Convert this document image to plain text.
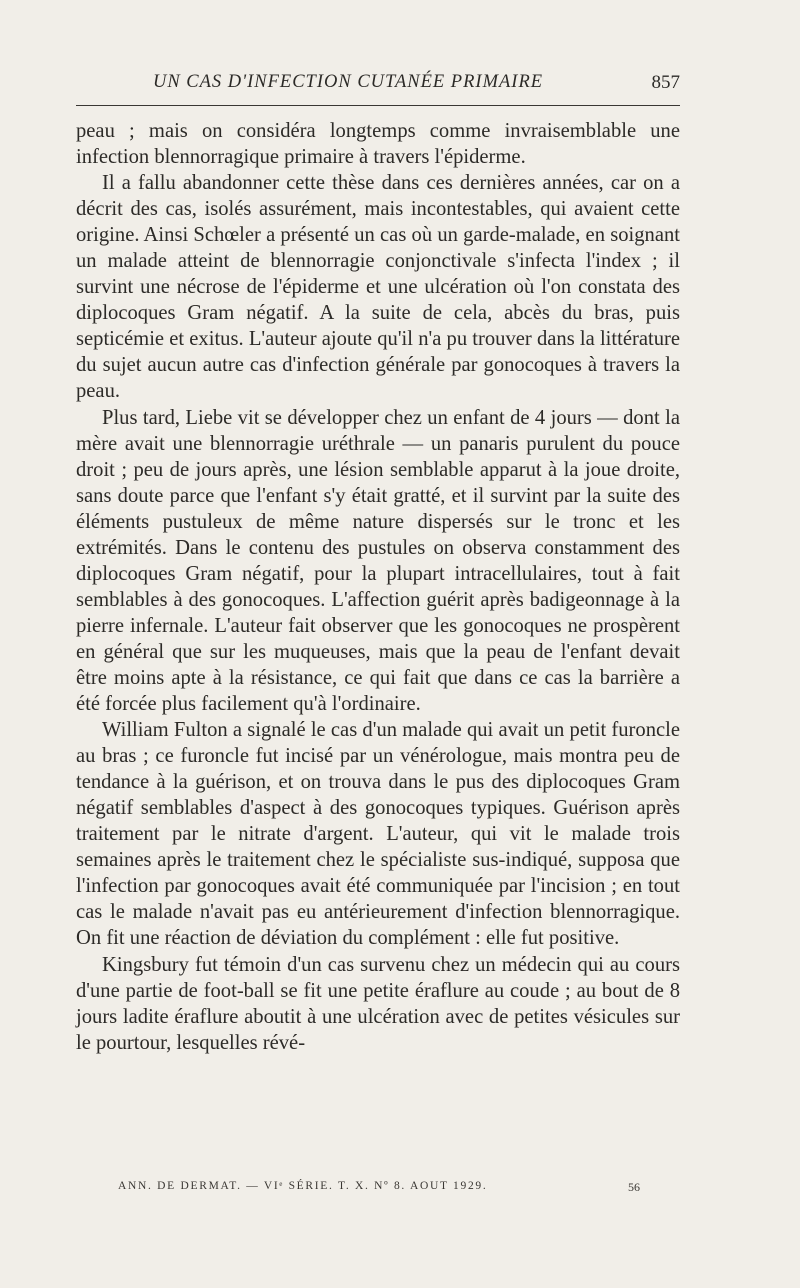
UN CAS D'INFECTION CUTANÉE PRIMAIRE	857

peau ; mais on considéra longtemps comme invraisemblable une infection blennorragique primaire à travers l'épiderme.

Il a fallu abandonner cette thèse dans ces dernières années, car on a décrit des cas, isolés assurément, mais incontestables, qui avaient cette origine. Ainsi Schœler a présenté un cas où un garde-malade, en soignant un malade atteint de blennorragie conjonctivale s'infecta l'index ; il survint une nécrose de l'épiderme et une ulcération où l'on constata des diplocoques Gram négatif. A la suite de cela, abcès du bras, puis septicémie et exitus. L'auteur ajoute qu'il n'a pu trouver dans la littérature du sujet aucun autre cas d'infection générale par gonocoques à travers la peau.

Plus tard, Liebe vit se développer chez un enfant de 4 jours — dont la mère avait une blennorragie uréthrale — un panaris purulent du pouce droit ; peu de jours après, une lésion semblable apparut à la joue droite, sans doute parce que l'enfant s'y était gratté, et il survint par la suite des éléments pustuleux de même nature dispersés sur le tronc et les extrémités. Dans le contenu des pustules on observa constamment des diplocoques Gram négatif, pour la plupart intracellulaires, tout à fait semblables à des gonocoques. L'affection guérit après badigeonnage à la pierre infernale. L'auteur fait observer que les gonocoques ne prospèrent en général que sur les muqueuses, mais que la peau de l'enfant devait être moins apte à la résistance, ce qui fait que dans ce cas la barrière a été forcée plus facilement qu'à l'ordinaire.

William Fulton a signalé le cas d'un malade qui avait un petit furoncle au bras ; ce furoncle fut incisé par un vénérologue, mais montra peu de tendance à la guérison, et on trouva dans le pus des diplocoques Gram négatif semblables d'aspect à des gonocoques typiques. Guérison après traitement par le nitrate d'argent. L'auteur, qui vit le malade trois semaines après le traitement chez le spécialiste sus-indiqué, supposa que l'infection par gonocoques avait été communiquée par l'incision ; en tout cas le malade n'avait pas eu antérieurement d'infection blennorragique. On fit une réaction de déviation du complément : elle fut positive.

Kingsbury fut témoin d'un cas survenu chez un médecin qui au cours d'une partie de foot-ball se fit une petite éraflure au coude ; au bout de 8 jours ladite éraflure aboutit à une ulcération avec de petites vésicules sur le pourtour, lesquelles révé-

ANN. DE DERMAT. — VIᵉ SÉRIE. T. X. Nº 8. AOUT 1929.	56
